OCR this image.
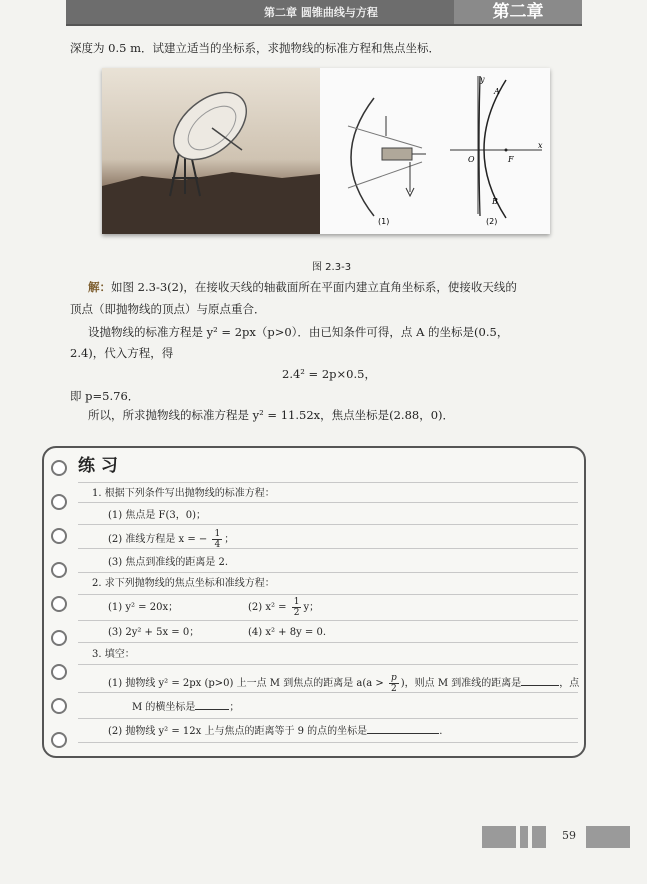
第二章 圆锥曲线与方程	第二章
深度为 0.5 m．试建立适当的坐标系，求抛物线的标准方程和焦点坐标．
(1)
y
x
A
B
O	F
(2)
图 2.3-3
解：如图 2.3-3(2)，在接收天线的轴截面所在平面内建立直角坐标系，使接收天线的
顶点（即抛物线的顶点）与原点重合．
设抛物线的标准方程是 y² = 2px（p>0）．由已知条件可得，点 A 的坐标是(0.5，
2.4)，代入方程，得
2.4² = 2p×0.5，
即 p=5.76．
所以，所求抛物线的标准方程是 y² = 11.52x，焦点坐标是(2.88，0)．
练 习
1. 根据下列条件写出抛物线的标准方程：
(1) 焦点是 F(3，0)；
(2) 准线方程是 x = − $\frac{1}{4}$ ；
(3) 焦点到准线的距离是 2.
2. 求下列抛物线的焦点坐标和准线方程：
(1) y² = 20x；	(2) $x^2 = \frac{1}{2}$ y；
(3) 2y² + 5x = 0；	(4) x² + 8y = 0.
3. 填空：
(1) 抛物线 y² = 2px (p>0) 上一点 M 到焦点的距离是 $a(a > \frac{p}{2}$ )，则点 M 到准线的距离是	，点
M 的横坐标是	；
(2) 抛物线 y² = 12x 上与焦点的距离等于 9 的点的坐标是	.
59
